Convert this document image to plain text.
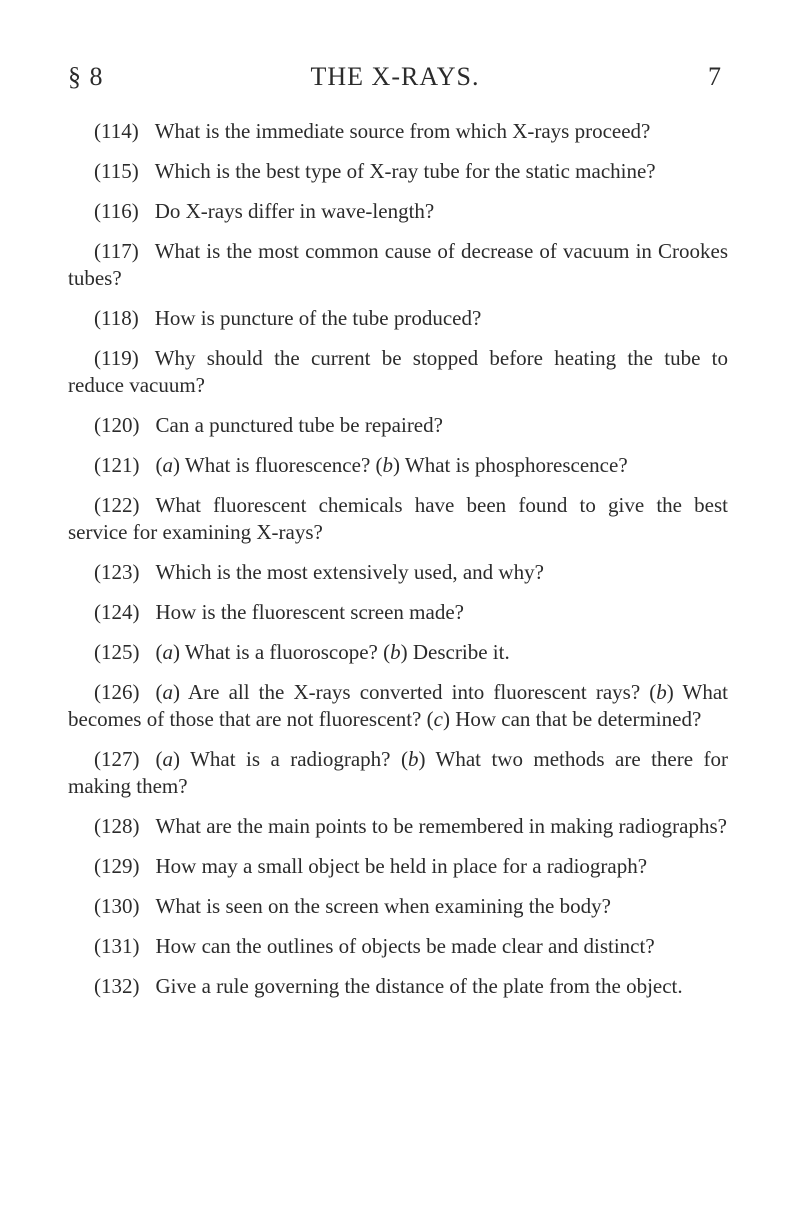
§ 8	THE X-RAYS.	7

(114) What is the immediate source from which X-rays proceed?

(115) Which is the best type of X-ray tube for the static machine?

(116) Do X-rays differ in wave-length?

(117) What is the most common cause of decrease of vacuum in Crookes tubes?

(118) How is puncture of the tube produced?

(119) Why should the current be stopped before heating the tube to reduce vacuum?

(120) Can a punctured tube be repaired?

(121) (a) What is fluorescence? (b) What is phosphorescence?

(122) What fluorescent chemicals have been found to give the best service for examining X-rays?

(123) Which is the most extensively used, and why?

(124) How is the fluorescent screen made?

(125) (a) What is a fluoroscope? (b) Describe it.

(126) (a) Are all the X-rays converted into fluorescent rays? (b) What becomes of those that are not fluorescent? (c) How can that be determined?

(127) (a) What is a radiograph? (b) What two methods are there for making them?

(128) What are the main points to be remembered in making radiographs?

(129) How may a small object be held in place for a radiograph?

(130) What is seen on the screen when examining the body?

(131) How can the outlines of objects be made clear and distinct?

(132) Give a rule governing the distance of the plate from the object.
